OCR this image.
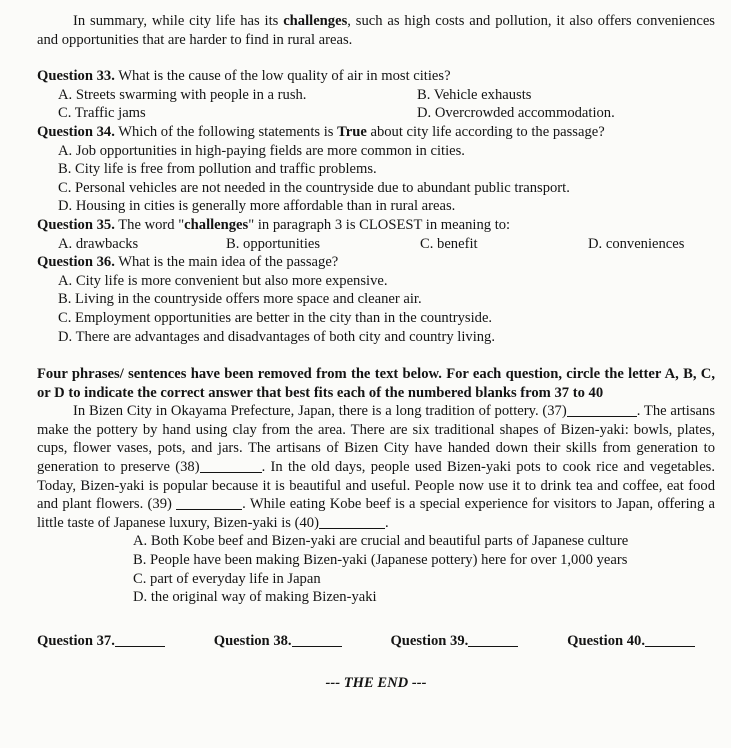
In summary, while city life has its challenges, such as high costs and pollution, it also offers conveniences and opportunities that are harder to find in rural areas.

Question 33. What is the cause of the low quality of air in most cities?

A. Streets swarming with people in a rush.	B. Vehicle exhausts
C. Traffic jams	D. Overcrowded accommodation.

Question 34. Which of the following statements is True about city life according to the passage?

A. Job opportunities in high-paying fields are more common in cities.
B. City life is free from pollution and traffic problems.
C. Personal vehicles are not needed in the countryside due to abundant public transport.
D. Housing in cities is generally more affordable than in rural areas.

Question 35. The word "challenges" in paragraph 3 is CLOSEST in meaning to:

A. drawbacks	B. opportunities	C. benefit	D. conveniences

Question 36. What is the main idea of the passage?

A. City life is more convenient but also more expensive.
B. Living in the countryside offers more space and cleaner air.
C. Employment opportunities are better in the city than in the countryside.
D. There are advantages and disadvantages of both city and country living.

Four phrases/ sentences have been removed from the text below. For each question, circle the letter A, B, C, or D to indicate the correct answer that best fits each of the numbered blanks from 37 to 40

In Bizen City in Okayama Prefecture, Japan, there is a long tradition of pottery. (37)	. The artisans make the pottery by hand using clay from the area. There are six traditional shapes of Bizen-yaki: bowls, plates, cups, flower vases, pots, and jars. The artisans of Bizen City have handed down their skills from generation to generation to preserve (38)	. In the old days, people used Bizen-yaki pots to cook rice and vegetables. Today, Bizen-yaki is popular because it is beautiful and useful. People now use it to drink tea and coffee, eat food and plant flowers. (39)	. While eating Kobe beef is a special experience for visitors to Japan, offering a little taste of Japanese luxury, Bizen-yaki is (40)	.

A. Both Kobe beef and Bizen-yaki are crucial and beautiful parts of Japanese culture
B. People have been making Bizen-yaki (Japanese pottery) here for over 1,000 years
C. part of everyday life in Japan
D. the original way of making Bizen-yaki
Question 37.	Question 38.	Question 39.	Question 40.
--- THE END ---
